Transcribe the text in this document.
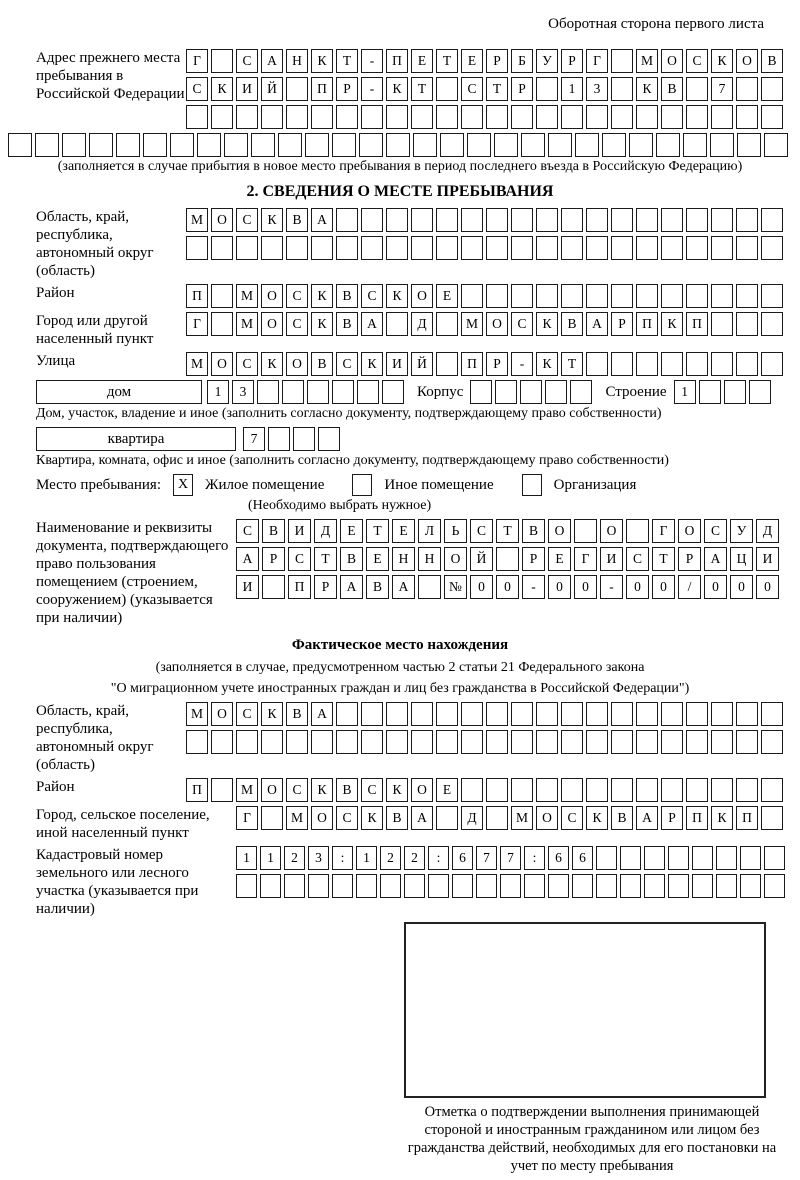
Оборотная сторона первого листа
Адрес прежнего места пребывания в Российской Федерации
Г	С	А	Н	К	Т	-	П	Е	Т	Е	Р	Б	У	Р	Г	М	О	С	К	О	В
С	К	И	Й	П	Р	-	К	Т	С	Т	Р	1	3	К	В	7
(заполняется в случае прибытия в новое место пребывания в период последнего въезда в Российскую Федерацию)
2. СВЕДЕНИЯ О МЕСТЕ ПРЕБЫВАНИЯ
Область, край, республика, автономный округ (область)
М	О	С	К	В	А
Район	П	М	О	С	К	В	С	К	О	Е
Город или другой населенный пункт
Г	М	О	С	К	В	А	Д	М	О	С	К	В	А	Р	П	К	П
Улица	М	О	С	К	О	В	С	К	И	Й	П	Р	-	К	Т
дом	1	3	Корпус	Строение	1
Дом, участок, владение и иное (заполнить согласно документу, подтверждающему право собственности)
квартира	7
Квартира, комната, офис и иное (заполнить согласно документу, подтверждающему право собственности)
Место пребывания:	X	Жилое помещение	Иное помещение	Организация
(Необходимо выбрать нужное)
Наименование и реквизиты документа, подтверждающего право пользования помещением (строением, сооружением) (указывается при наличии)
С	В	И	Д	Е	Т	Е	Л	Ь	С	Т	В	О	О	Г	О	С	У	Д
А	Р	С	Т	В	Е	Н	Н	О	Й	Р	Е	Г	И	С	Т	Р	А	Ц	И
И	П	Р	А	В	А	№	0	0	-	0	0	-	0	0	/	0	0	0
Фактическое место нахождения
(заполняется в случае, предусмотренном частью 2 статьи 21 Федерального закона
"О миграционном учете иностранных граждан и лиц без гражданства в Российской Федерации")
Область, край, республика, автономный округ (область)
М	О	С	К	В	А
Район	П	М	О	С	К	В	С	К	О	Е
Город, сельское поселение, иной населенный пункт
Г	М	О	С	К	В	А	Д	М	О	С	К	В	А	Р	П	К	П
Кадастровый номер земельного или лесного участка (указывается при наличии)
1	1	2	3	:	1	2	2	:	6	7	7	:	6	6
Отметка о подтверждении выполнения принимающей стороной и иностранным гражданином или лицом без гражданства действий, необходимых для его постановки на учет по месту пребывания
